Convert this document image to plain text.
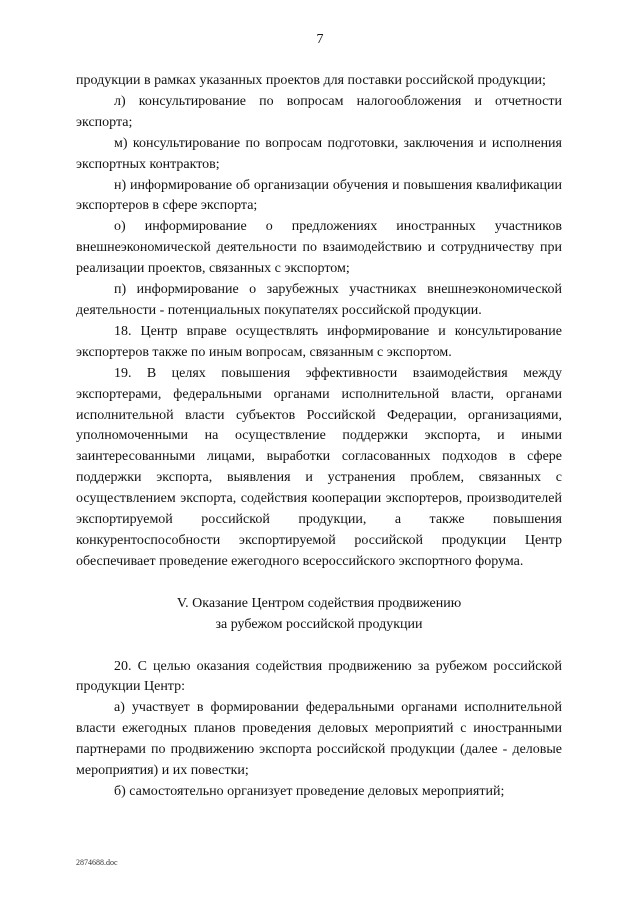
7

продукции в рамках указанных проектов для поставки российской продукции;

л) консультирование по вопросам налогообложения и отчетности экспорта;

м) консультирование по вопросам подготовки, заключения и исполнения экспортных контрактов;

н) информирование об организации обучения и повышения квалификации экспортеров в сфере экспорта;

о) информирование о предложениях иностранных участников внешнеэкономической деятельности по взаимодействию и сотрудничеству при реализации проектов, связанных с экспортом;

п) информирование о зарубежных участниках внешнеэкономической деятельности - потенциальных покупателях российской продукции.

18. Центр вправе осуществлять информирование и консультирование экспортеров также по иным вопросам, связанным с экспортом.

19. В целях повышения эффективности взаимодействия между экспортерами, федеральными органами исполнительной власти, органами исполнительной власти субъектов Российской Федерации, организациями, уполномоченными на осуществление поддержки экспорта, и иными заинтересованными лицами, выработки согласованных подходов в сфере поддержки экспорта, выявления и устранения проблем, связанных с осуществлением экспорта, содействия кооперации экспортеров, производителей экспортируемой российской продукции, а также повышения конкурентоспособности экспортируемой российской продукции Центр обеспечивает проведение ежегодного всероссийского экспортного форума.

V. Оказание Центром содействия продвижению

за рубежом российской продукции

20. С целью оказания содействия продвижению за рубежом российской продукции Центр:

а) участвует в формировании федеральными органами исполнительной власти ежегодных планов проведения деловых мероприятий с иностранными партнерами по продвижению экспорта российской продукции (далее - деловые мероприятия) и их повестки;

б) самостоятельно организует проведение деловых мероприятий;

2874688.doc
